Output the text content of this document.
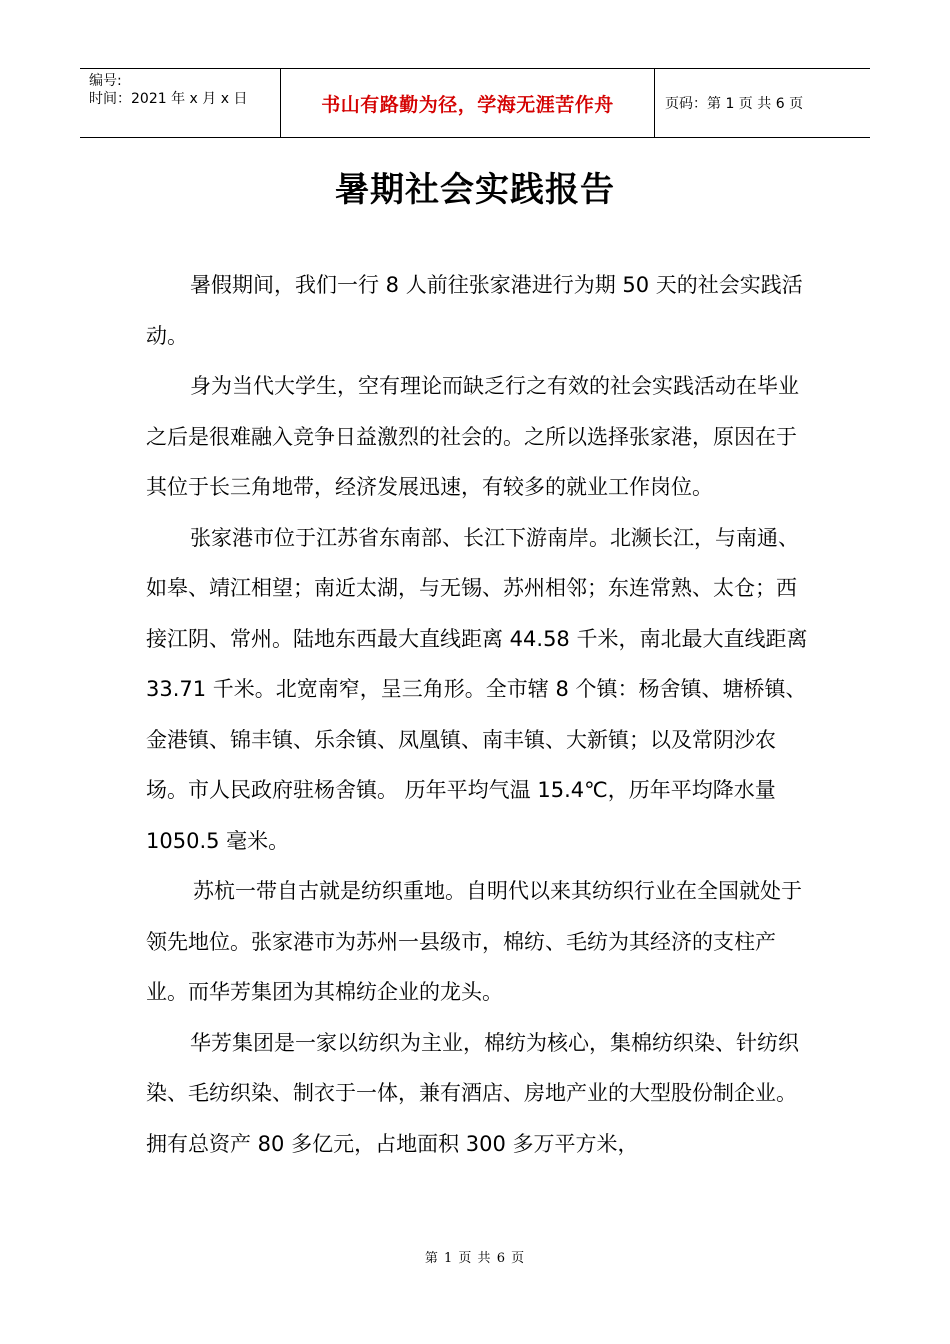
编号:
时间：2021 年 x 月 x 日	书山有路勤为径，学海无涯苦作舟	页码：第 1 页 共 6 页
暑期社会实践报告

暑假期间，我们一行 8 人前往张家港进行为期 50 天的社会实践活动。

身为当代大学生，空有理论而缺乏行之有效的社会实践活动在毕业之后是很难融入竞争日益激烈的社会的。之所以选择张家港，原因在于其位于长三角地带，经济发展迅速，有较多的就业工作岗位。

张家港市位于江苏省东南部、长江下游南岸。北濒长江，与南通、如皋、靖江相望；南近太湖，与无锡、苏州相邻；东连常熟、太仓；西接江阴、常州。陆地东西最大直线距离 44.58 千米，南北最大直线距离 33.71 千米。北宽南窄，呈三角形。全市辖 8 个镇：杨舍镇、塘桥镇、金港镇、锦丰镇、乐余镇、凤凰镇、南丰镇、大新镇；以及常阴沙农场。市人民政府驻杨舍镇。 历年平均气温 15.4℃，历年平均降水量 1050.5 毫米。

苏杭一带自古就是纺织重地。自明代以来其纺织行业在全国就处于领先地位。张家港市为苏州一县级市，棉纺、毛纺为其经济的支柱产业。而华芳集团为其棉纺企业的龙头。

华芳集团是一家以纺织为主业，棉纺为核心，集棉纺织染、针纺织染、毛纺织染、制衣于一体，兼有酒店、房地产业的大型股份制企业。拥有总资产 80 多亿元，占地面积 300 多万平方米，

第 1 页 共 6 页
